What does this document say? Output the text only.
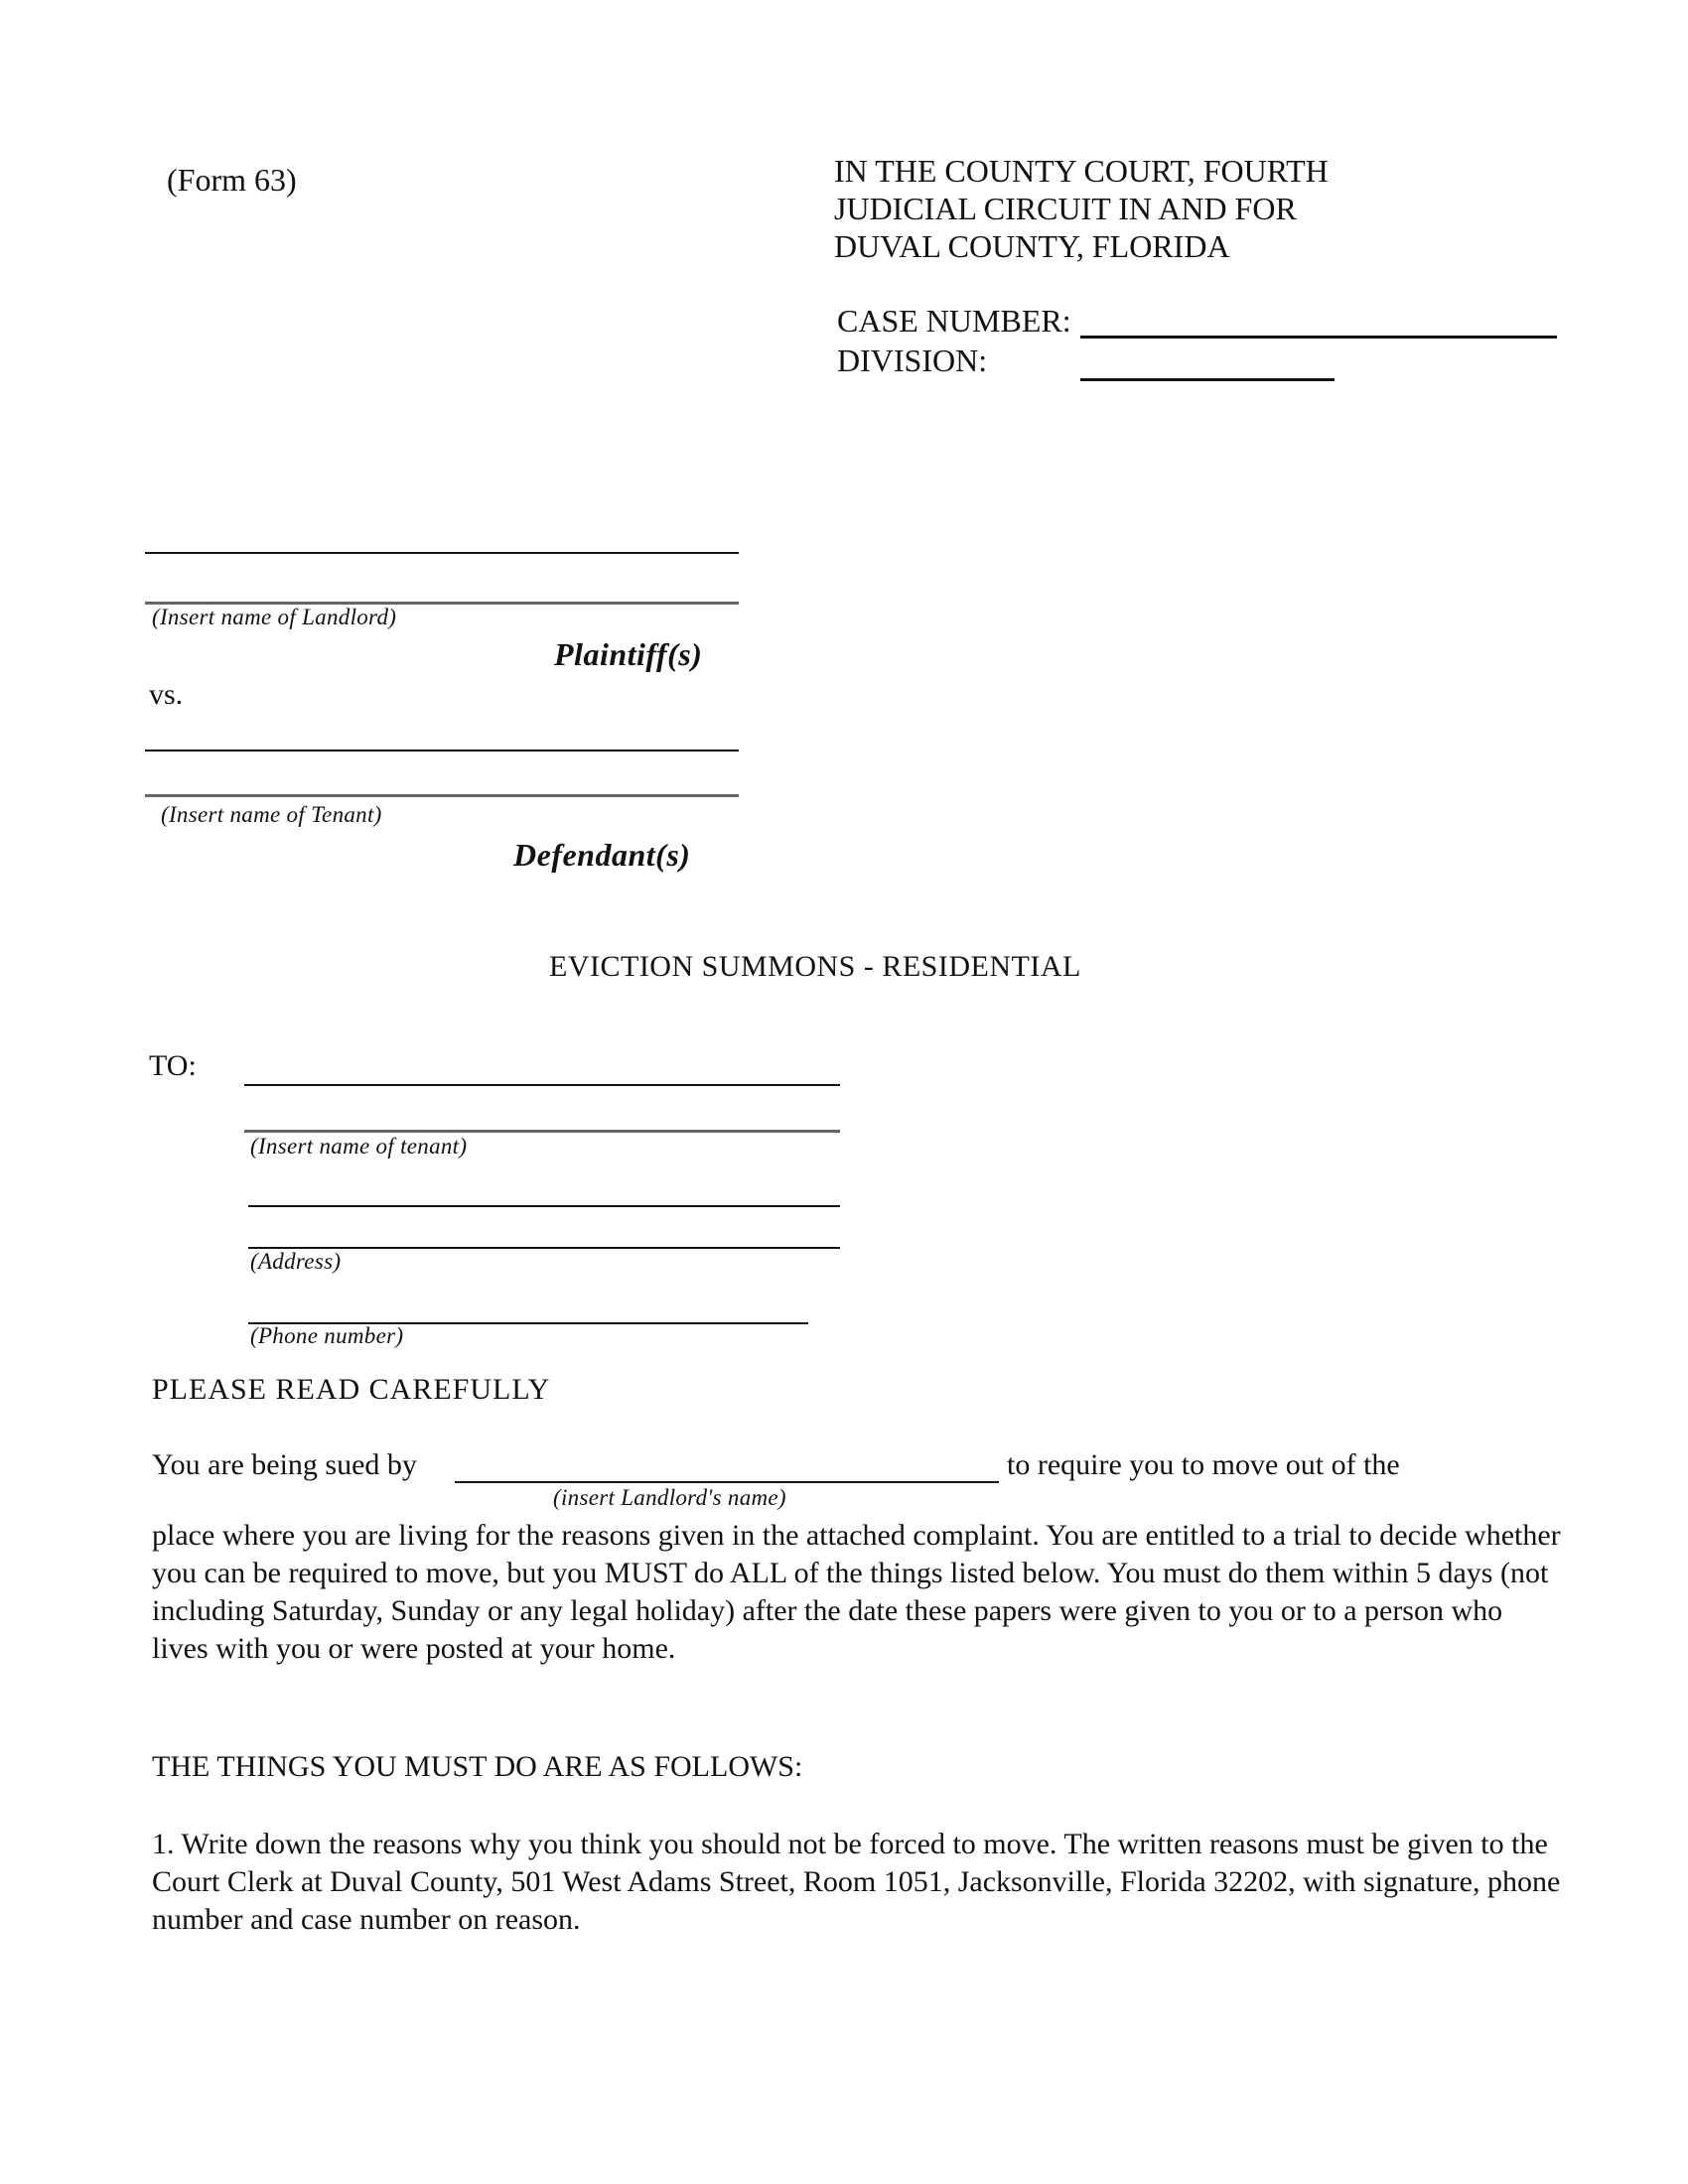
(Form 63)	IN THE COUNTY COURT, FOURTH
JUDICIAL CIRCUIT IN AND FOR
DUVAL COUNTY, FLORIDA
CASE NUMBER:
DIVISION:
(Insert name of Landlord)
Plaintiff(s)
vs.
(Insert name of Tenant)
Defendant(s)
EVICTION SUMMONS - RESIDENTIAL
TO:
(Insert name of tenant)
(Address)
(Phone number)
PLEASE READ CAREFULLY
You are being sued by	to require you to move out of the
(insert Landlord's name)

place where you are living for the reasons given in the attached complaint. You are entitled to a trial to decide whether you can be required to move, but you MUST do ALL of the things listed below. You must do them within 5 days (not including Saturday, Sunday or any legal holiday) after the date these papers were given to you or to a person who lives with you or were posted at your home.

THE THINGS YOU MUST DO ARE AS FOLLOWS:

1. Write down the reasons why you think you should not be forced to move. The written reasons must be given to the Court Clerk at Duval County, 501 West Adams Street, Room 1051, Jacksonville, Florida 32202, with signature, phone number and case number on reason.
